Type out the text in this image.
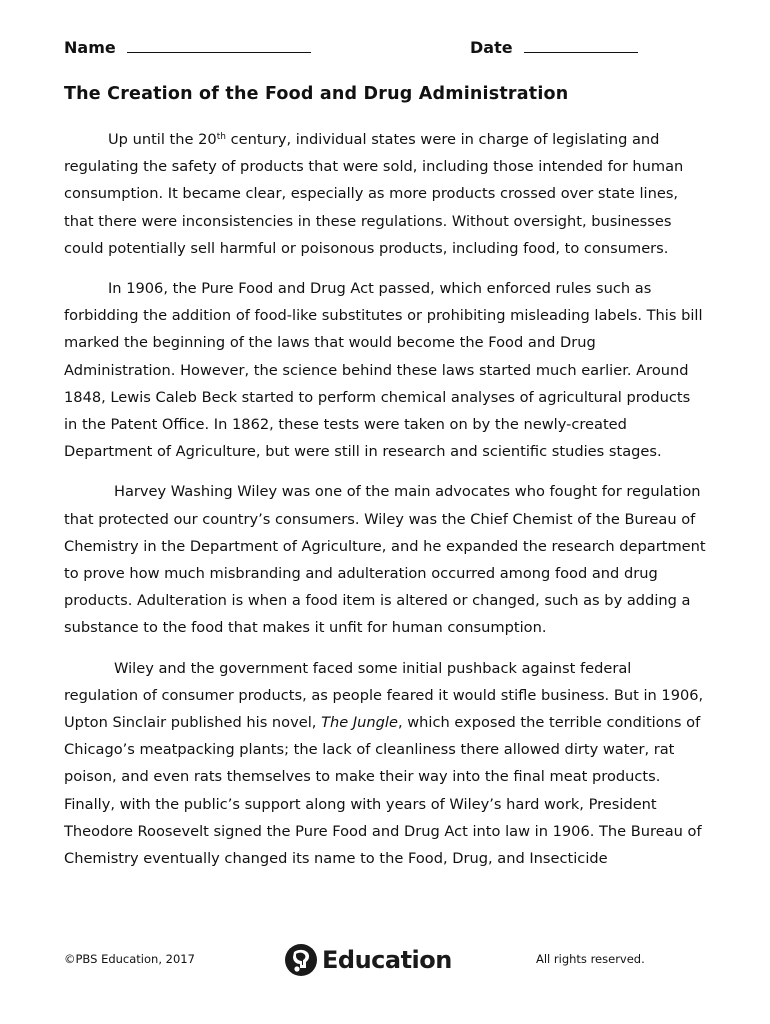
Name	Date
The Creation of the Food and Drug Administration

Up until the 20th century, individual states were in charge of legislating and regulating the safety of products that were sold, including those intended for human consumption. It became clear, especially as more products crossed over state lines, that there were inconsistencies in these regulations. Without oversight, businesses could potentially sell harmful or poisonous products, including food, to consumers.

In 1906, the Pure Food and Drug Act passed, which enforced rules such as forbidding the addition of food-like substitutes or prohibiting misleading labels. This bill marked the beginning of the laws that would become the Food and Drug Administration. However, the science behind these laws started much earlier. Around 1848, Lewis Caleb Beck started to perform chemical analyses of agricultural products in the Patent Office. In 1862, these tests were taken on by the newly-created Department of Agriculture, but were still in research and scientific studies stages.

Harvey Washing Wiley was one of the main advocates who fought for regulation that protected our country’s consumers. Wiley was the Chief Chemist of the Bureau of Chemistry in the Department of Agriculture, and he expanded the research department to prove how much misbranding and adulteration occurred among food and drug products. Adulteration is when a food item is altered or changed, such as by adding a substance to the food that makes it unfit for human consumption.

Wiley and the government faced some initial pushback against federal regulation of consumer products, as people feared it would stifle business. But in 1906, Upton Sinclair published his novel, The Jungle, which exposed the terrible conditions of Chicago’s meatpacking plants; the lack of cleanliness there allowed dirty water, rat poison, and even rats themselves to make their way into the final meat products. Finally, with the public’s support along with years of Wiley’s hard work, President Theodore Roosevelt signed the Pure Food and Drug Act into law in 1906. The Bureau of Chemistry eventually changed its name to the Food, Drug, and Insecticide

©PBS Education, 2017	Education	All rights reserved.
